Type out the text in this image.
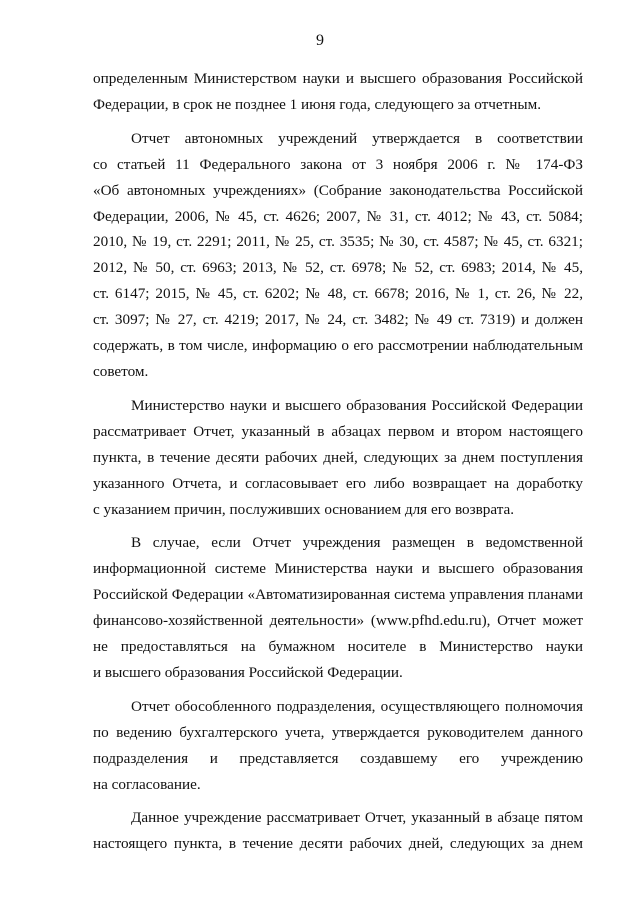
9

определенным Министерством науки и высшего образования Российской
Федерации, в срок не позднее 1 июня года, следующего за отчетным.

Отчет автономных учреждений утверждается в соответствии
со статьей 11 Федерального закона от 3 ноября 2006 г. № 174-ФЗ
«Об автономных учреждениях» (Собрание законодательства Российской
Федерации, 2006, № 45, ст. 4626; 2007, № 31, ст. 4012; № 43, ст. 5084;
2010, № 19, ст. 2291; 2011, № 25, ст. 3535; № 30, ст. 4587; № 45, ст. 6321;
2012, № 50, ст. 6963; 2013, № 52, ст. 6978; № 52, ст. 6983; 2014, № 45,
ст. 6147; 2015, № 45, ст. 6202; № 48, ст. 6678; 2016, № 1, ст. 26, № 22,
ст. 3097; № 27, ст. 4219; 2017, № 24, ст. 3482; № 49 ст. 7319) и должен
содержать, в том числе, информацию о его рассмотрении наблюдательным
советом.

Министерство науки и высшего образования Российской Федерации
рассматривает Отчет, указанный в абзацах первом и втором настоящего
пункта, в течение десяти рабочих дней, следующих за днем поступления
указанного Отчета, и согласовывает его либо возвращает на доработку
с указанием причин, послуживших основанием для его возврата.

В случае, если Отчет учреждения размещен в ведомственной
информационной системе Министерства науки и высшего образования
Российской Федерации «Автоматизированная система управления планами
финансово-хозяйственной деятельности» (www.pfhd.edu.ru), Отчет может
не предоставляться на бумажном носителе в Министерство науки
и высшего образования Российской Федерации.

Отчет обособленного подразделения, осуществляющего полномочия
по ведению бухгалтерского учета, утверждается руководителем данного
подразделения и представляется создавшему его учреждению
на согласование.

Данное учреждение рассматривает Отчет, указанный в абзаце пятом
настоящего пункта, в течение десяти рабочих дней, следующих за днем
